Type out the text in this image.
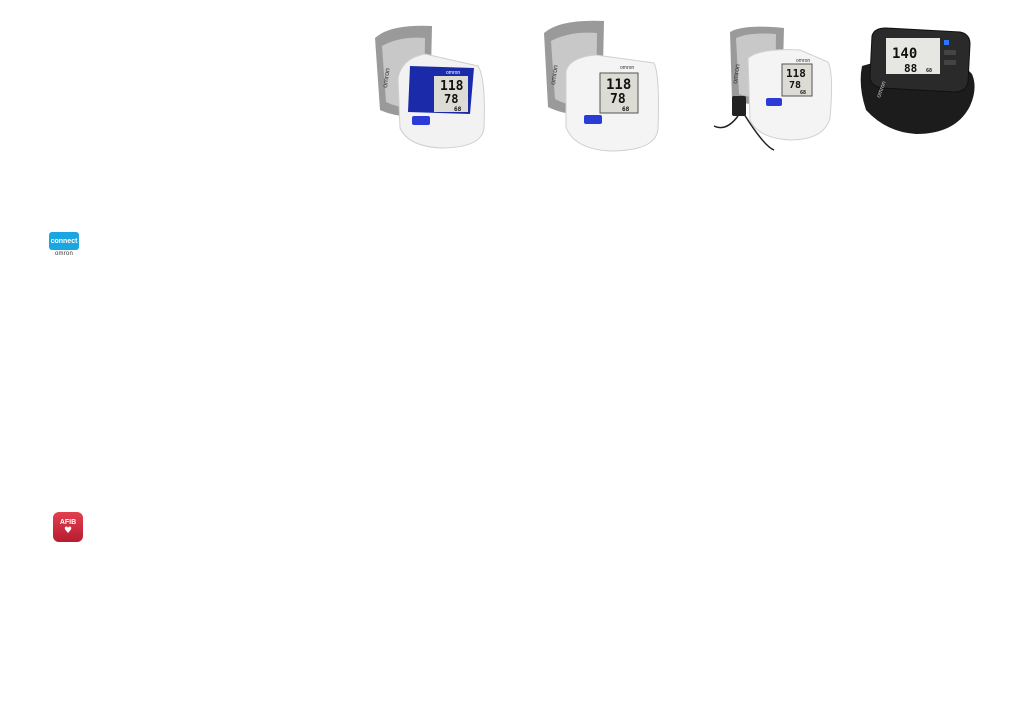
omron	omron
118
78
68
omron	omron
118
78
68
omron
omron
118
78
68
140
88 68
omron
connect
omron
AFIB
♥
